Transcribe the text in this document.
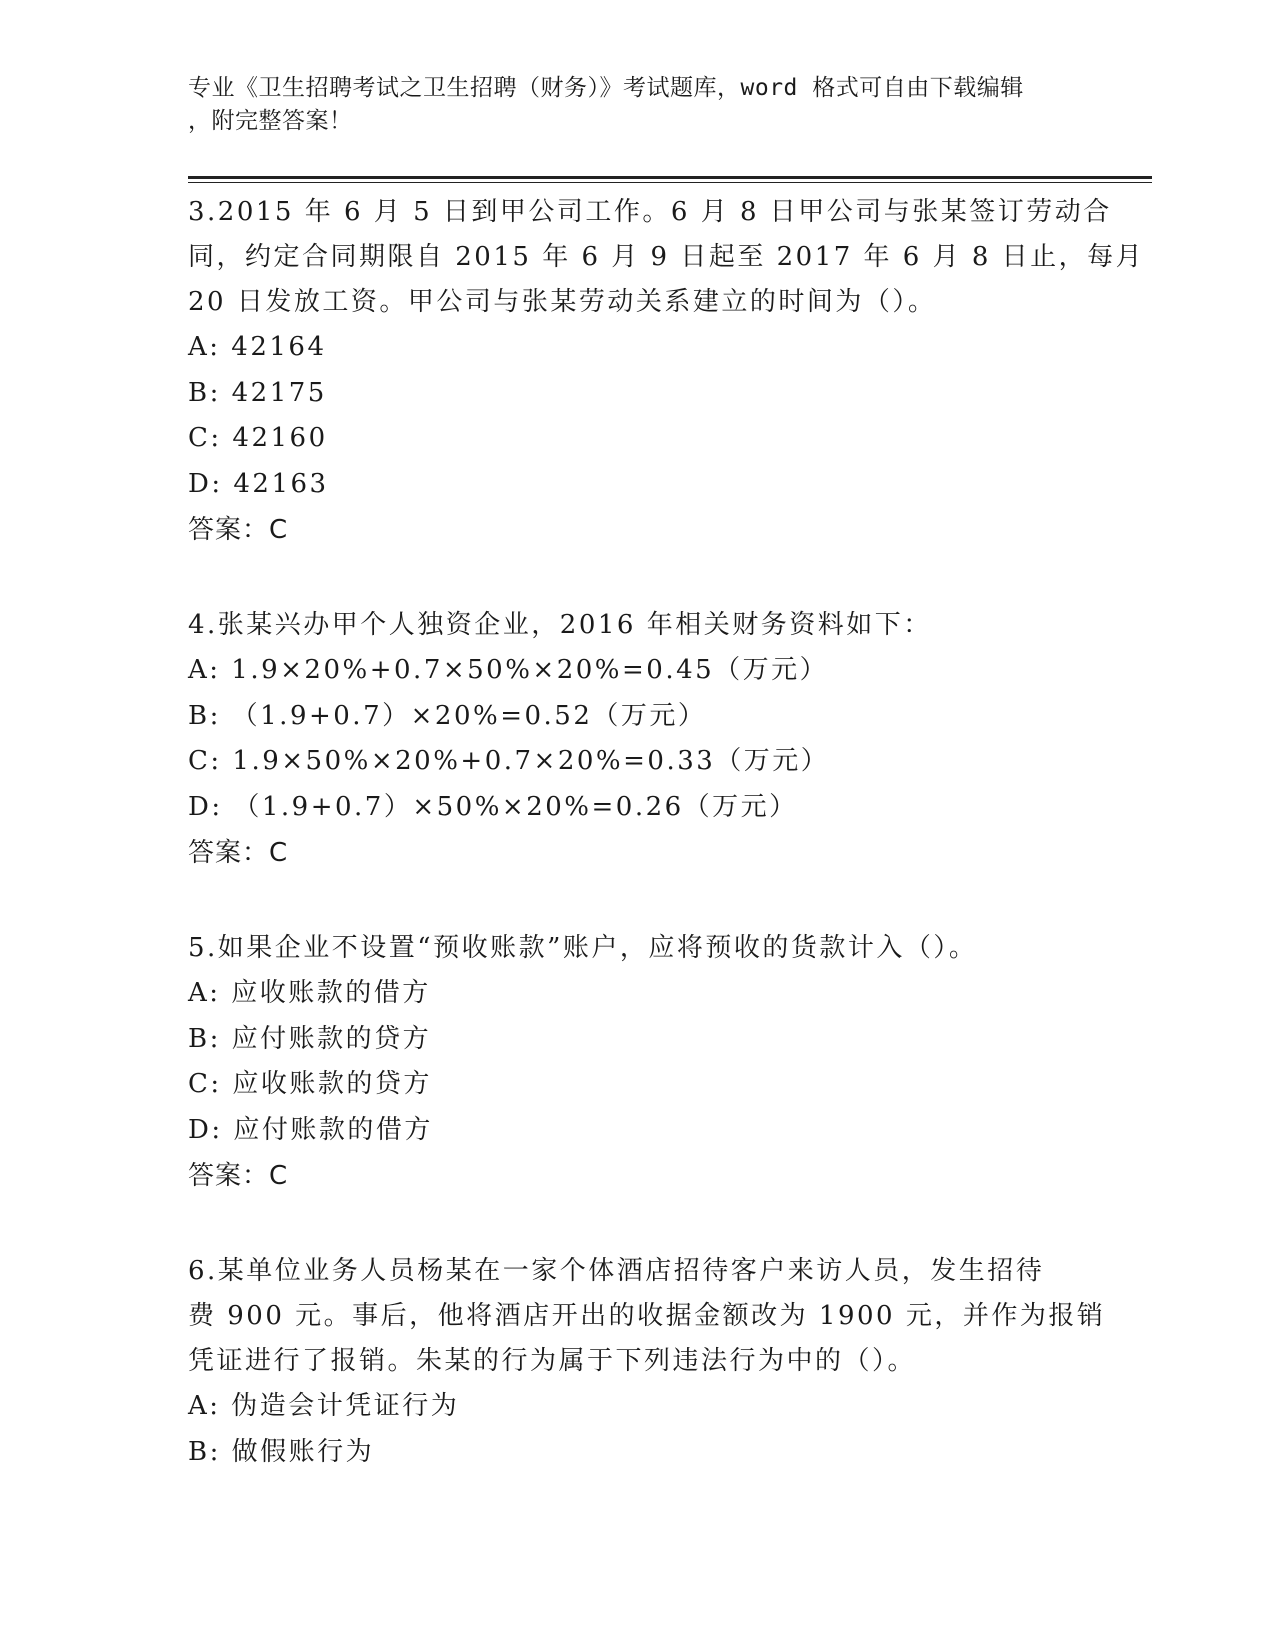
专业《卫生招聘考试之卫生招聘（财务）》考试题库，word 格式可自由下载编辑
，附完整答案！
3.2015 年 6 月 5 日到甲公司工作。6 月 8 日甲公司与张某签订劳动合
同，约定合同期限自 2015 年 6 月 9 日起至 2017 年 6 月 8 日止，每月
20 日发放工资。甲公司与张某劳动关系建立的时间为（）。
A: 42164
B: 42175
C: 42160
D: 42163
答案：C
4.张某兴办甲个人独资企业，2016 年相关财务资料如下：
A: 1.9×20%+0.7×50%×20%=0.45（万元）
B: （1.9+0.7）×20%=0.52（万元）
C: 1.9×50%×20%+0.7×20%=0.33（万元）
D: （1.9+0.7）×50%×20%=0.26（万元）
答案：C
5.如果企业不设置“预收账款”账户，应将预收的货款计入（）。
A: 应收账款的借方
B: 应付账款的贷方
C: 应收账款的贷方
D: 应付账款的借方
答案：C
6.某单位业务人员杨某在一家个体酒店招待客户来访人员，发生招待
费 900 元。事后，他将酒店开出的收据金额改为 1900 元，并作为报销
凭证进行了报销。朱某的行为属于下列违法行为中的（）。
A: 伪造会计凭证行为
B: 做假账行为
